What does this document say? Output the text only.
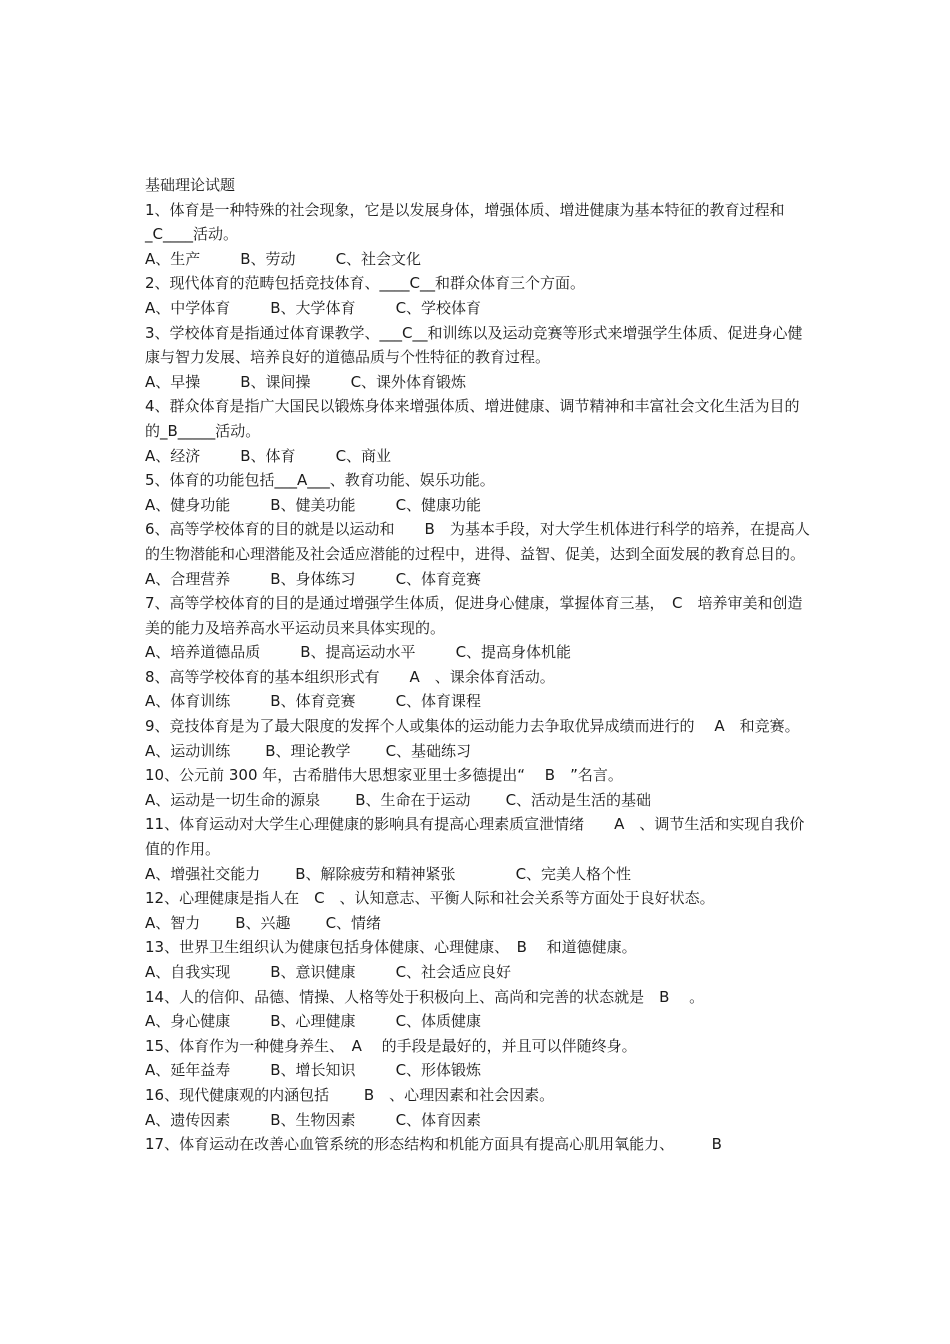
基础理论试题
1、体育是一种特殊的社会现象，它是以发展身体，增强体质、增进健康为基本特征的教育过程和_C____活动。
A、生产	B、劳动	C、社会文化
2、现代体育的范畴包括竞技体育、____C__和群众体育三个方面。
A、中学体育	B、大学体育	C、学校体育
3、学校体育是指通过体育课教学、___C__和训练以及运动竞赛等形式来增强学生体质、促进身心健康与智力发展、培养良好的道德品质与个性特征的教育过程。
A、早操	B、课间操	C、课外体育锻炼
4、群众体育是指广大国民以锻炼身体来增强体质、增进健康、调节精神和丰富社会文化生活为目的的_B_____活动。
A、经济	B、体育	C、商业
5、体育的功能包括___A___、教育功能、娱乐功能。
A、健身功能	B、健美功能	C、健康功能
6、高等学校体育的目的就是以运动和　　B　为基本手段，对大学生机体进行科学的培养，在提高人的生物潜能和心理潜能及社会适应潜能的过程中，进得、益智、促美，达到全面发展的教育总目的。
A、合理营养	B、身体练习	C、体育竞赛
7、高等学校体育的目的是通过增强学生体质，促进身心健康，掌握体育三基，　C　培养审美和创造美的能力及培养高水平运动员来具体实现的。
A、培养道德品质	B、提高运动水平	C、提高身体机能
8、高等学校体育的基本组织形式有　　A　、课余体育活动。
A、体育训练	B、体育竞赛	C、体育课程
9、竞技体育是为了最大限度的发挥个人或集体的运动能力去争取优异成绩而进行的　 A　和竞赛。
A、运动训练 B、理论教学 C、基础练习
10、公元前 300 年，古希腊伟大思想家亚里士多德提出“　 B　”名言。
A、运动是一切生命的源泉 B、生命在于运动 C、活动是生活的基础
11、体育运动对大学生心理健康的影响具有提高心理素质宣泄情绪　　A　、调节生活和实现自我价值的作用。
A、增强社交能力 B、解除疲劳和精神紧张	C、完美人格个性
12、心理健康是指人在　C　、认知意志、平衡人际和社会关系等方面处于良好状态。
A、智力 B、兴趣 C、情绪
13、世界卫生组织认为健康包括身体健康、心理健康、　B　 和道德健康。
A、自我实现	B、意识健康	C、社会适应良好
14、人的信仰、品德、情操、人格等处于积极向上、高尚和完善的状态就是　B　 。
A、身心健康	B、心理健康	C、体质健康
15、体育作为一种健身养生、　A　 的手段是最好的，并且可以伴随终身。
A、延年益寿	B、增长知识	C、形体锻炼
16、现代健康观的内涵包括　　 B　、心理因素和社会因素。
A、遗传因素	B、生物因素	C、体育因素
17、体育运动在改善心血管系统的形态结构和机能方面具有提高心肌用氧能力、　　　B
